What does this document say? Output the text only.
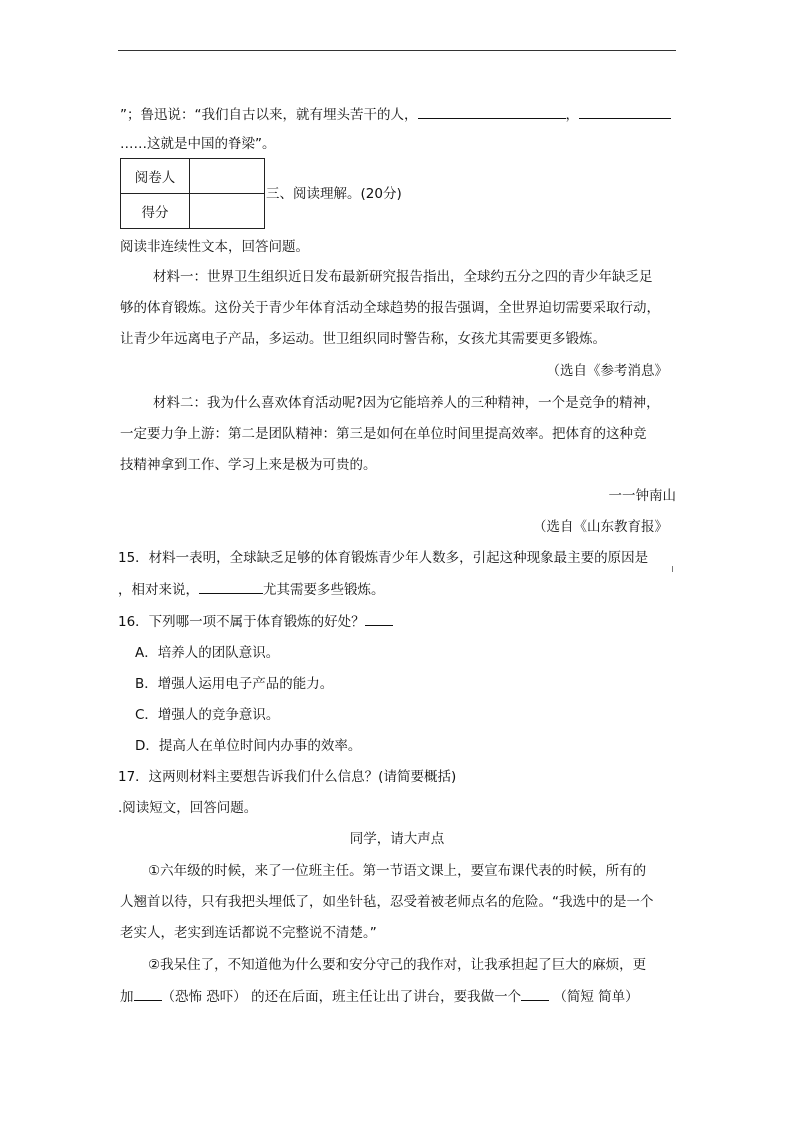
”；鲁迅说：“我们自古以来，就有埋头苦干的人，	，
……这就是中国的脊梁”。
阅卷人	
得分	
三、阅读理解。(20分)
阅读非连续性文本，回答问题。
材料一：世界卫生组织近日发布最新研究报告指出，全球约五分之四的青少年缺乏足
够的体育锻炼。这份关于青少年体育活动全球趋势的报告强调，全世界迫切需要采取行动，
让青少年远离电子产品，多运动。世卫组织同时警告称，女孩尤其需要更多锻炼。
（选自《参考消息》
材料二：我为什么喜欢体育活动呢?因为它能培养人的三种精神，一个是竞争的精神，
一定要力争上游：第二是团队精神：第三是如何在单位时间里提高效率。把体育的这种竞
技精神拿到工作、学习上来是极为可贵的。
一一钟南山
（选自《山东教育报》
15．材料一表明，全球缺乏足够的体育锻炼青少年人数多，引起这种现象最主要的原因是
，相对来说，	尤其需要多些锻炼。
16．下列哪一项不属于体育锻炼的好处？
A．培养人的团队意识。
B．增强人运用电子产品的能力。
C．增强人的竞争意识。
D．提高人在单位时间内办事的效率。
17．这两则材料主要想告诉我们什么信息？(请简要概括)
.阅读短文，回答问题。
同学，请大声点
①六年级的时候，来了一位班主任。第一节语文课上，要宣布课代表的时候，所有的
人翘首以待，只有我把头埋低了，如坐针毡，忍受着被老师点名的危险。“我选中的是一个
老实人，老实到连话都说不完整说不清楚。”
②我呆住了，不知道他为什么要和安分守己的我作对，让我承担起了巨大的麻烦，更
加 （恐怖 恐吓） 的还在后面，班主任让出了讲台，要我做一个 （简短 简单）
